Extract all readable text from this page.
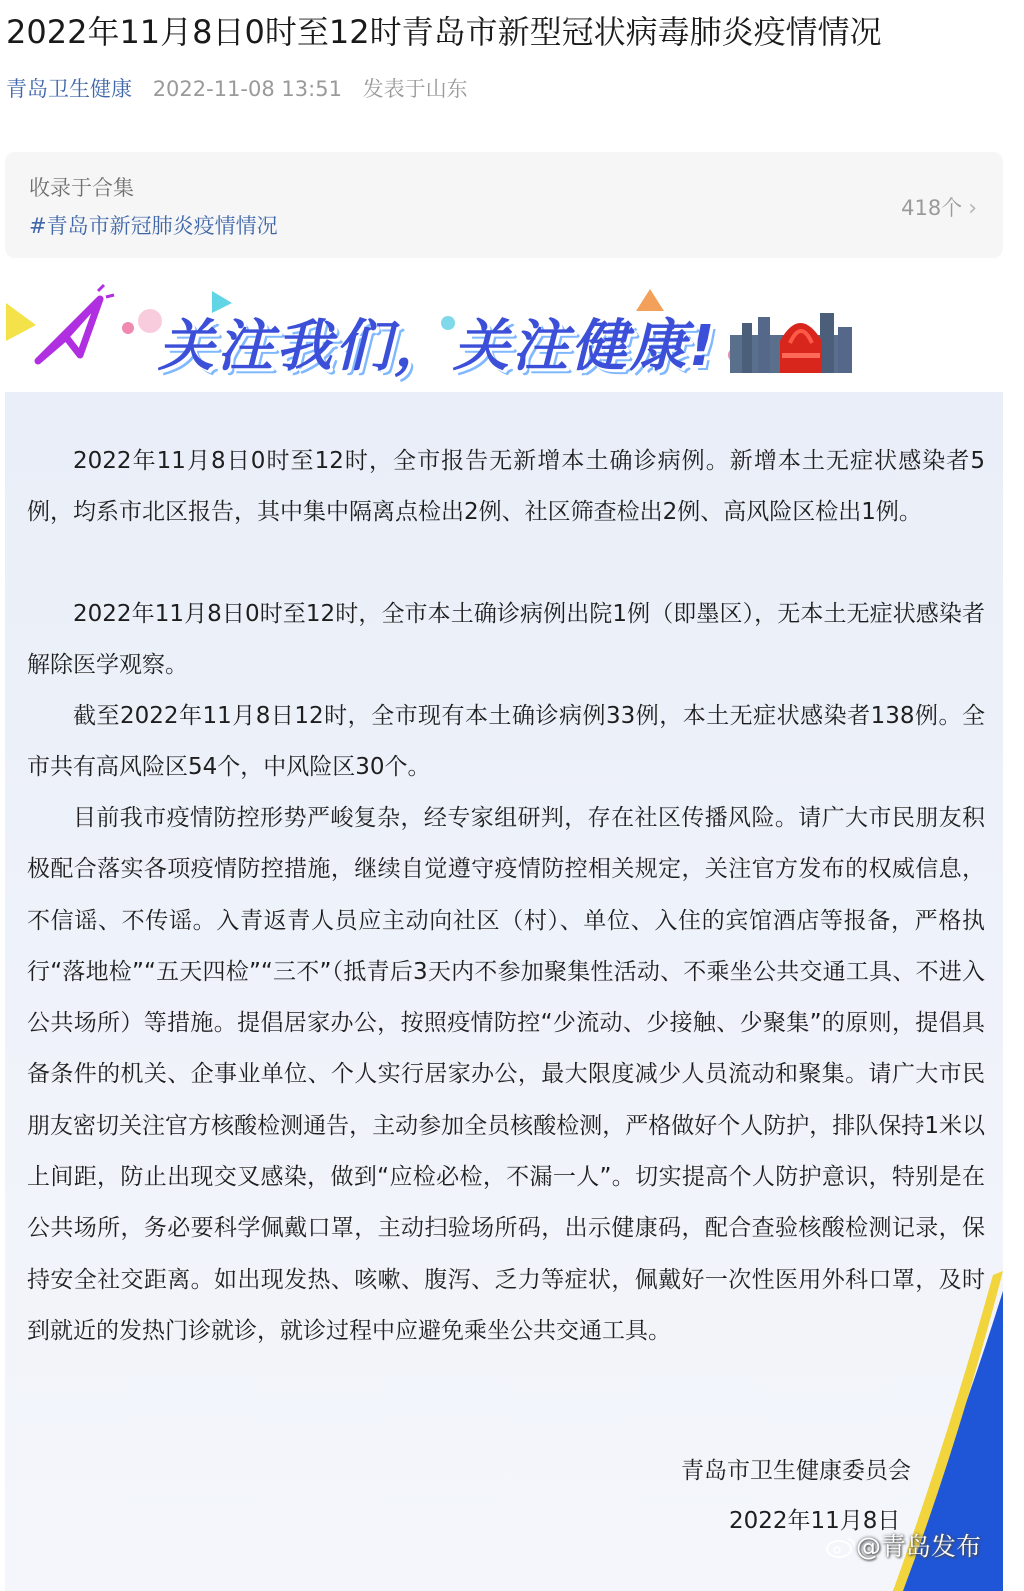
2022年11月8日0时至12时青岛市新型冠状病毒肺炎疫情情况
青岛卫生健康 2022-11-08 13:51 发表于山东
收录于合集
#青岛市新冠肺炎疫情情况
418个 ›
关注我们，关注健康!

2022年11月8日0时至12时，全市报告无新增本土确诊病例。新增本土无症状感染者5例，均系市北区报告，其中集中隔离点检出2例、社区筛查检出2例、高风险区检出1例。

2022年11月8日0时至12时，全市本土确诊病例出院1例（即墨区），无本土无症状感染者解除医学观察。

截至2022年11月8日12时，全市现有本土确诊病例33例，本土无症状感染者138例。全市共有高风险区54个，中风险区30个。

目前我市疫情防控形势严峻复杂，经专家组研判，存在社区传播风险。请广大市民朋友积极配合落实各项疫情防控措施，继续自觉遵守疫情防控相关规定，关注官方发布的权威信息，不信谣、不传谣。入青返青人员应主动向社区（村）、单位、入住的宾馆酒店等报备，严格执行“落地检”“五天四检”“三不”（抵青后3天内不参加聚集性活动、不乘坐公共交通工具、不进入公共场所）等措施。提倡居家办公，按照疫情防控“少流动、少接触、少聚集”的原则，提倡具备条件的机关、企事业单位、个人实行居家办公，最大限度减少人员流动和聚集。请广大市民朋友密切关注官方核酸检测通告，主动参加全员核酸检测，严格做好个人防护，排队保持1米以上间距，防止出现交叉感染，做到“应检必检，不漏一人”。切实提高个人防护意识，特别是在公共场所，务必要科学佩戴口罩，主动扫验场所码，出示健康码，配合查验核酸检测记录，保持安全社交距离。如出现发热、咳嗽、腹泻、乏力等症状，佩戴好一次性医用外科口罩，及时到就近的发热门诊就诊，就诊过程中应避免乘坐公共交通工具。

青岛市卫生健康委员会
2022年11月8日
@青岛发布
